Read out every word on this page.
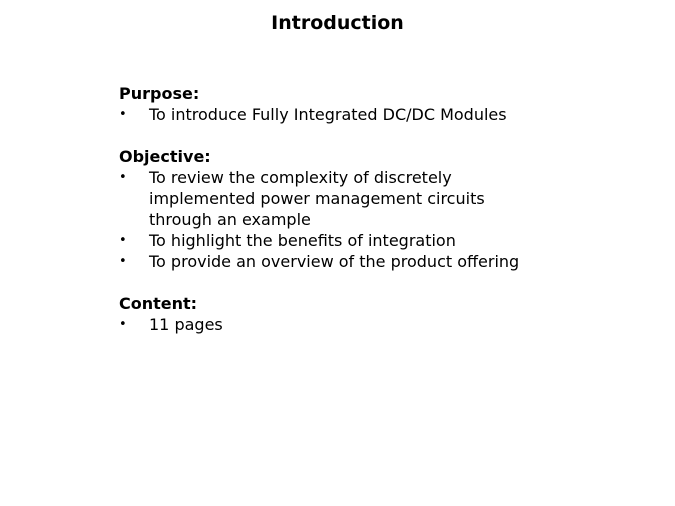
Introduction
Purpose:
• To introduce Fully Integrated DC/DC Modules
Objective:
• To review the complexity of discretely implemented power management circuits through an example
• To highlight the benefits of integration
• To provide an overview of the product offering
Content:
• 11 pages
